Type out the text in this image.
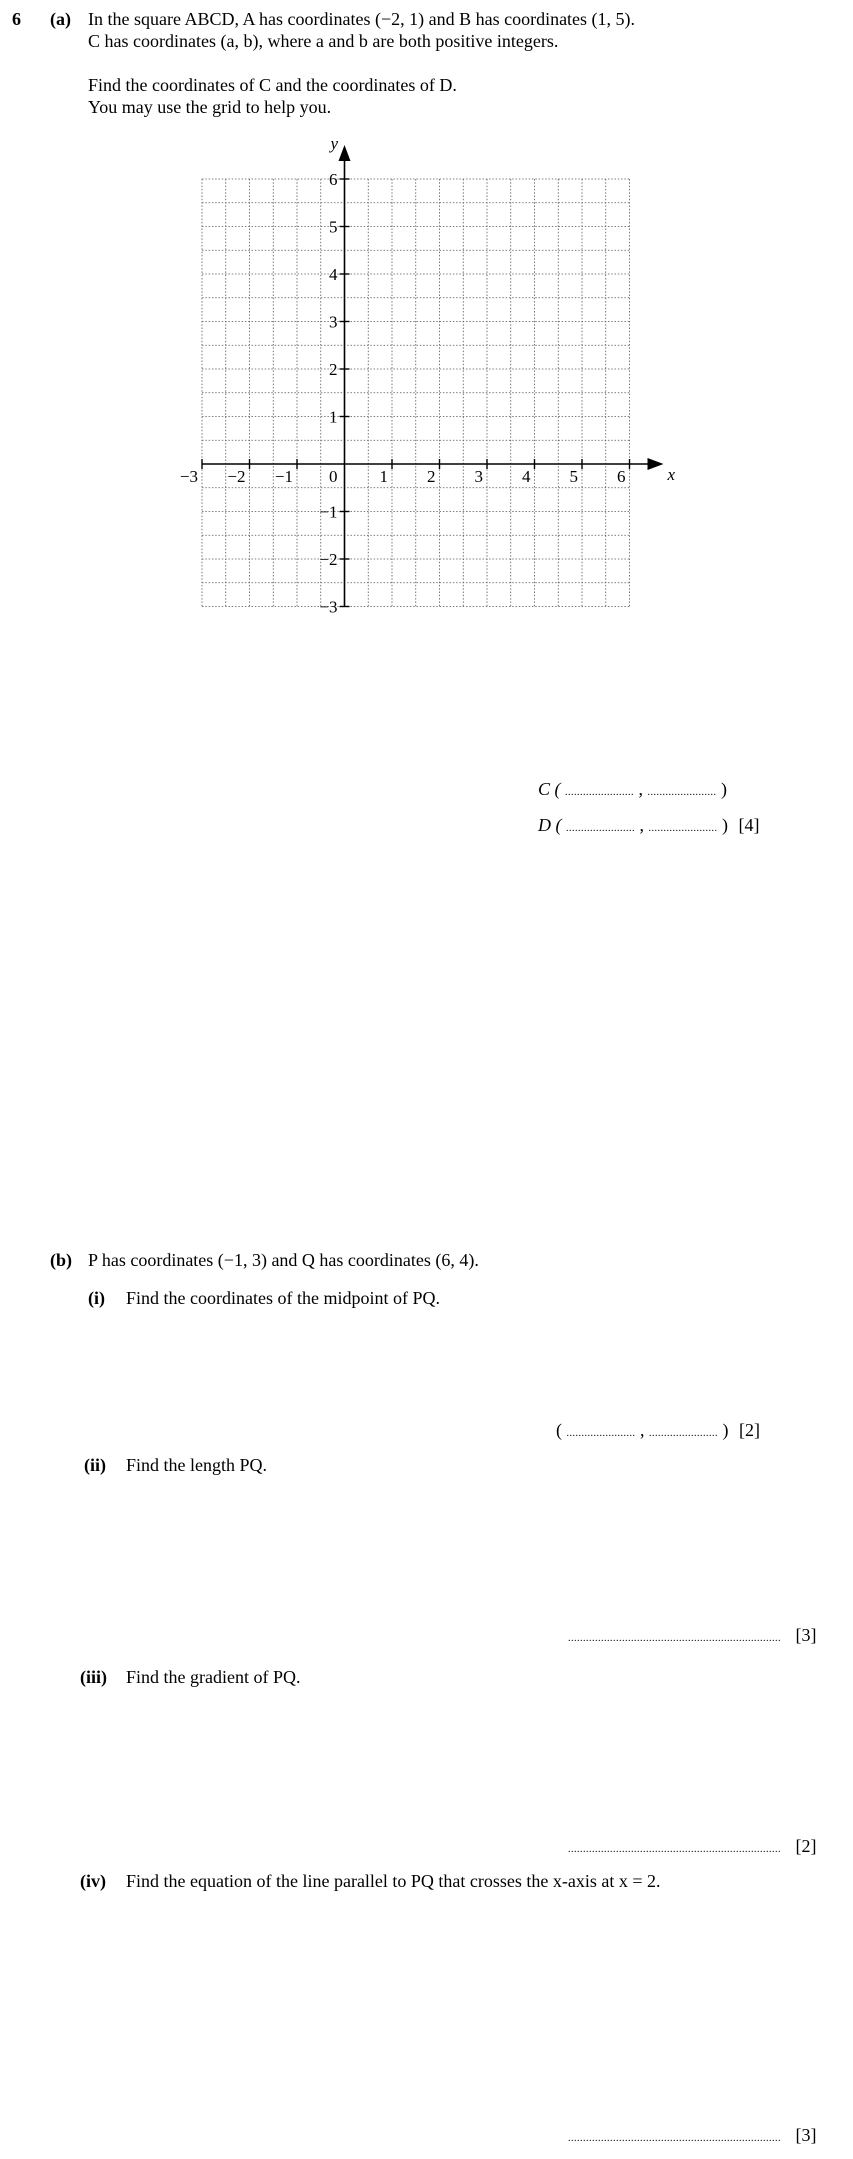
6 (a) In the square ABCD, A has coordinates (−2, 1) and B has coordinates (1, 5).
C has coordinates (a, b), where a and b are both positive integers.
Find the coordinates of C and the coordinates of D.
You may use the grid to help you.
−3 −2 −1	1 2 3 4 5 6
−3
−2
−1
1
2
3
4
5
6
0	x
y
C ( ....................... , ....................... )
D ( ....................... , ....................... ) [4]
(b) P has coordinates (−1, 3) and Q has coordinates (6, 4).
(i) Find the coordinates of the midpoint of PQ.
( ....................... , ....................... ) [2]
(ii) Find the length PQ.
....................................................................... [3]
(iii) Find the gradient of PQ.
....................................................................... [2]
(iv) Find the equation of the line parallel to PQ that crosses the x-axis at x = 2.
....................................................................... [3]
